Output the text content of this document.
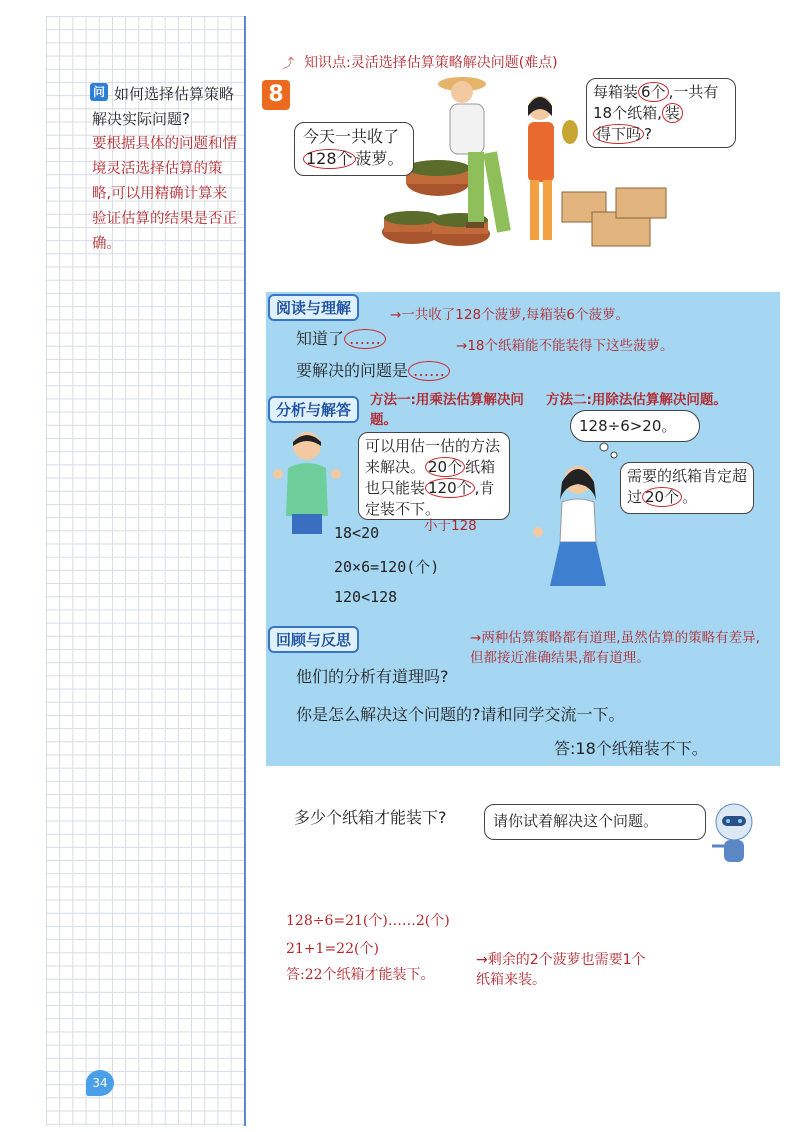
如何选择估算策略解决实际问题?
问
要根据具体的问题和情境灵活选择估算的策略,可以用精确计算来验证估算的结果是否正确。
34
⤴ 知识点:灵活选择估算策略解决问题(难点)
8
今天一共收了
128个 菠萝。
每箱装 6个 ,一共有18个纸箱, 装得下吗 ?
阅读与理解
知道了 ……
→一共收了128个菠萝,每箱装6个菠萝。
要解决的问题是 ……
→18个纸箱能不能装得下这些菠萝。
分析与解答
方法一:用乘法估算解决问题。
方法二:用除法估算解决问题。
可以用估一估的方法来解决。 20个 纸箱也只能装 120个 ,肯定装不下。
小于128
18<20
20×6=120(个)
120<128
128÷6>20。
需要的纸箱肯定超过 20个 。
回顾与反思
他们的分析有道理吗?
→两种估算策略都有道理,虽然估算的策略有差异,但都接近准确结果,都有道理。
你是怎么解决这个问题的?请和同学交流一下。
答:18个纸箱装不下。
多少个纸箱才能装下?	请你试着解决这个问题。
128÷6=21(个)……2(个)
21+1=22(个)
答:22个纸箱才能装下。
→剩余的2个菠萝也需要1个纸箱来装。
